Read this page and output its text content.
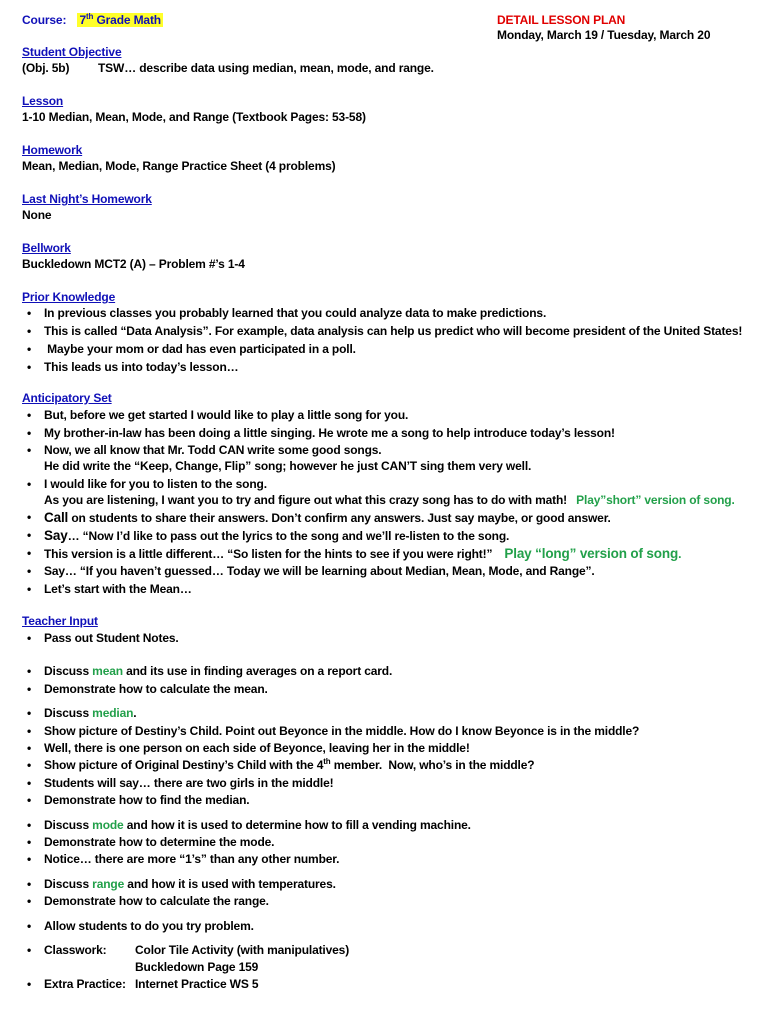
Course: 7th Grade Math	DETAIL LESSON PLAN
Monday, March 19 / Tuesday, March 20
Student Objective
(Obj. 5b) TSW… describe data using median, mean, mode, and range.
Lesson
1-10 Median, Mean, Mode, and Range (Textbook Pages: 53-58)
Homework
Mean, Median, Mode, Range Practice Sheet (4 problems)
Last Night’s Homework
None
Bellwork
Buckledown MCT2 (A) – Problem #’s 1-4
Prior Knowledge
•	In previous classes you probably learned that you could analyze data to make predictions.
•	This is called “Data Analysis”. For example, data analysis can help us predict who will become president of the United States!
•	Maybe your mom or dad has even participated in a poll.
•	This leads us into today’s lesson…
Anticipatory Set
•	But, before we get started I would like to play a little song for you.
•	My brother-in-law has been doing a little singing. He wrote me a song to help introduce today’s lesson!
•	Now, we all know that Mr. Todd CAN write some good songs.
He did write the “Keep, Change, Flip” song; however he just CAN’T sing them very well.
•	I would like for you to listen to the song.
As you are listening, I want you to try and figure out what this crazy song has to do with math! Play”short” version of song.
• Call on students to share their answers. Don’t confirm any answers. Just say maybe, or good answer.
• Say… “Now I’d like to pass out the lyrics to the song and we’ll re-listen to the song.
•	This version is a little different… “So listen for the hints to see if you were right!” Play “long” version of song.
•	Say… “If you haven’t guessed… Today we will be learning about Median, Mean, Mode, and Range”.
•	Let’s start with the Mean…
Teacher Input
•	Pass out Student Notes.
•	Discuss mean and its use in finding averages on a report card.
•	Demonstrate how to calculate the mean.
•	Discuss median.
•	Show picture of Destiny’s Child. Point out Beyonce in the middle. How do I know Beyonce is in the middle?
•	Well, there is one person on each side of Beyonce, leaving her in the middle!
•	Show picture of Original Destiny’s Child with the 4th member.  Now, who’s in the middle?
•	Students will say… there are two girls in the middle!
•	Demonstrate how to find the median.
•	Discuss mode and how it is used to determine how to fill a vending machine.
•	Demonstrate how to determine the mode.
•	Notice… there are more “1’s” than any other number.
•	Discuss range and how it is used with temperatures.
•	Demonstrate how to calculate the range.
•	Allow students to do you try problem.
•	Classwork: Color Tile Activity (with manipulatives)
Buckledown Page 159
•	Extra Practice: Internet Practice WS 5
